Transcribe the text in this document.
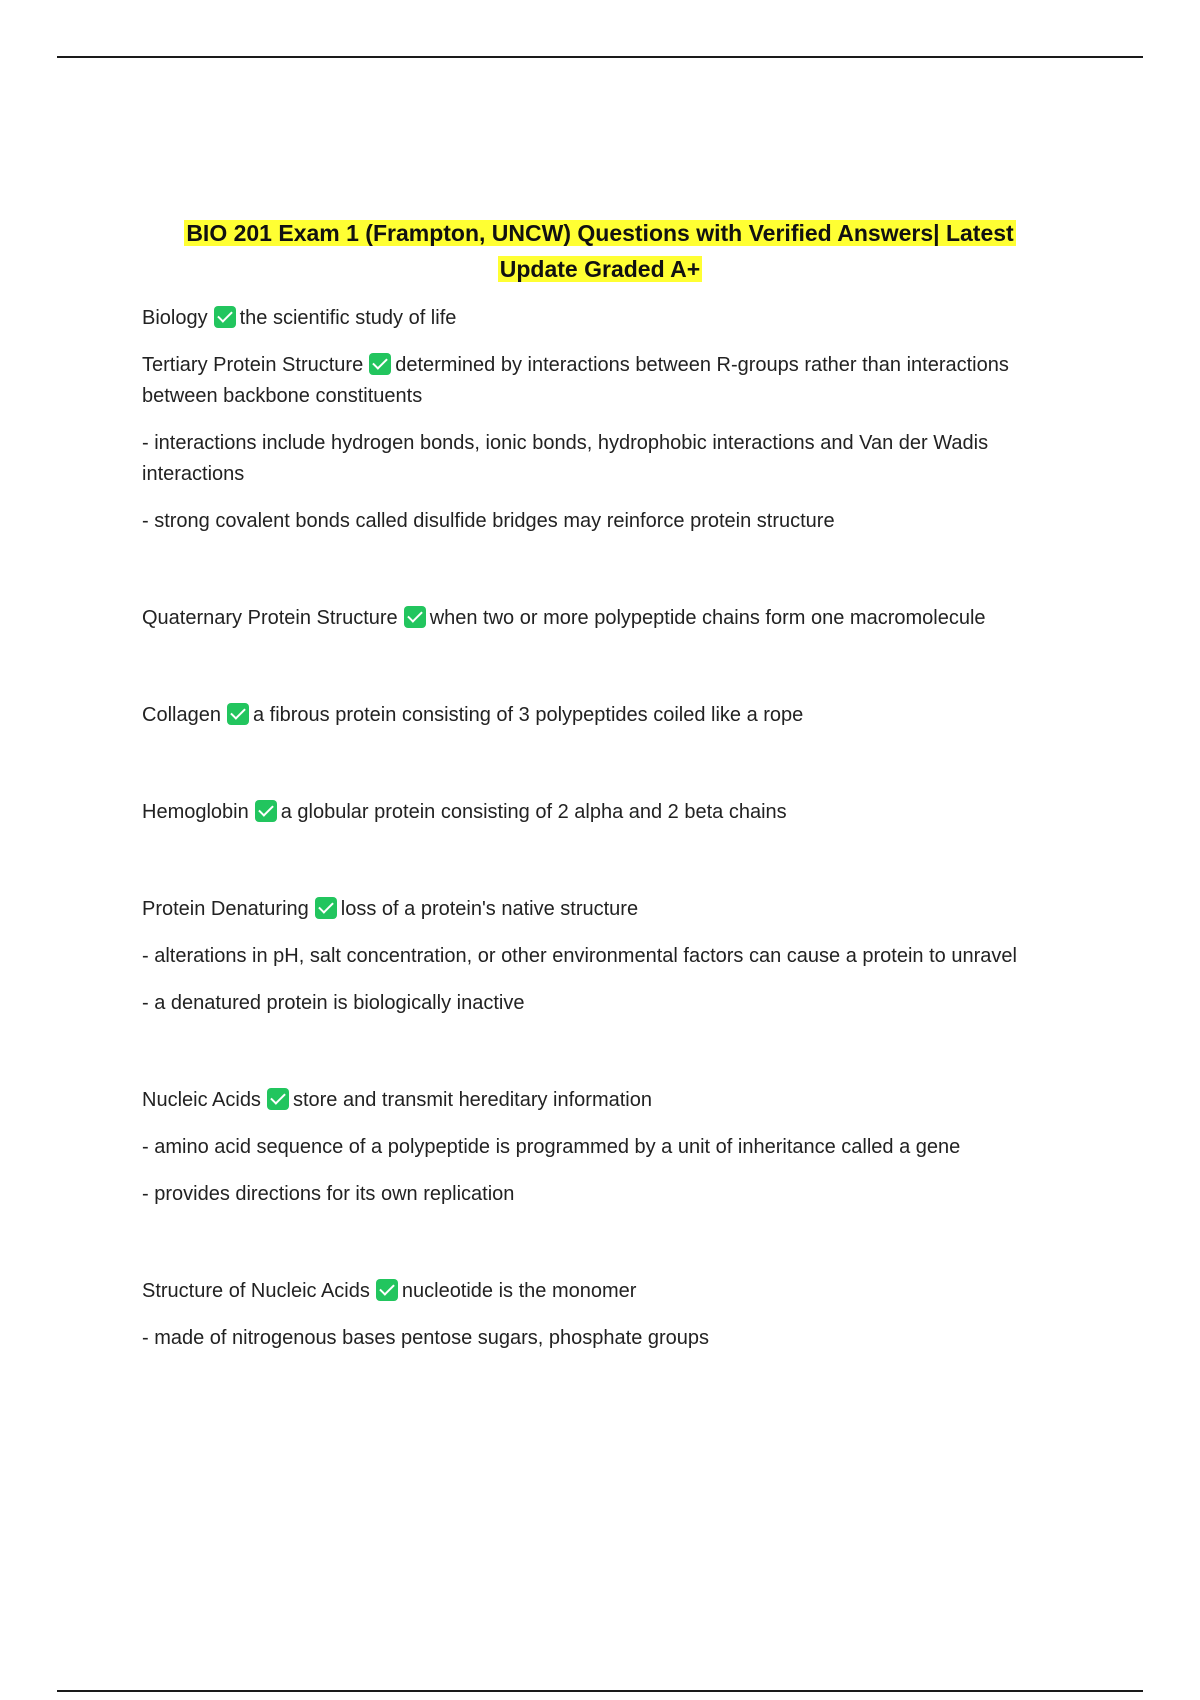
BIO 201 Exam 1 (Frampton, UNCW) Questions with Verified Answers| Latest
Update Graded A+

Biology the scientific study of life

Tertiary Protein Structure determined by interactions between R-groups rather than interactions between backbone constituents

- interactions include hydrogen bonds, ionic bonds, hydrophobic interactions and Van der Wadis interactions

- strong covalent bonds called disulfide bridges may reinforce protein structure

Quaternary Protein Structure when two or more polypeptide chains form one macromolecule

Collagen a fibrous protein consisting of 3 polypeptides coiled like a rope

Hemoglobin a globular protein consisting of 2 alpha and 2 beta chains

Protein Denaturing loss of a protein's native structure

- alterations in pH, salt concentration, or other environmental factors can cause a protein to unravel

- a denatured protein is biologically inactive

Nucleic Acids store and transmit hereditary information

- amino acid sequence of a polypeptide is programmed by a unit of inheritance called a gene

- provides directions for its own replication

Structure of Nucleic Acids nucleotide is the monomer

- made of nitrogenous bases pentose sugars, phosphate groups
